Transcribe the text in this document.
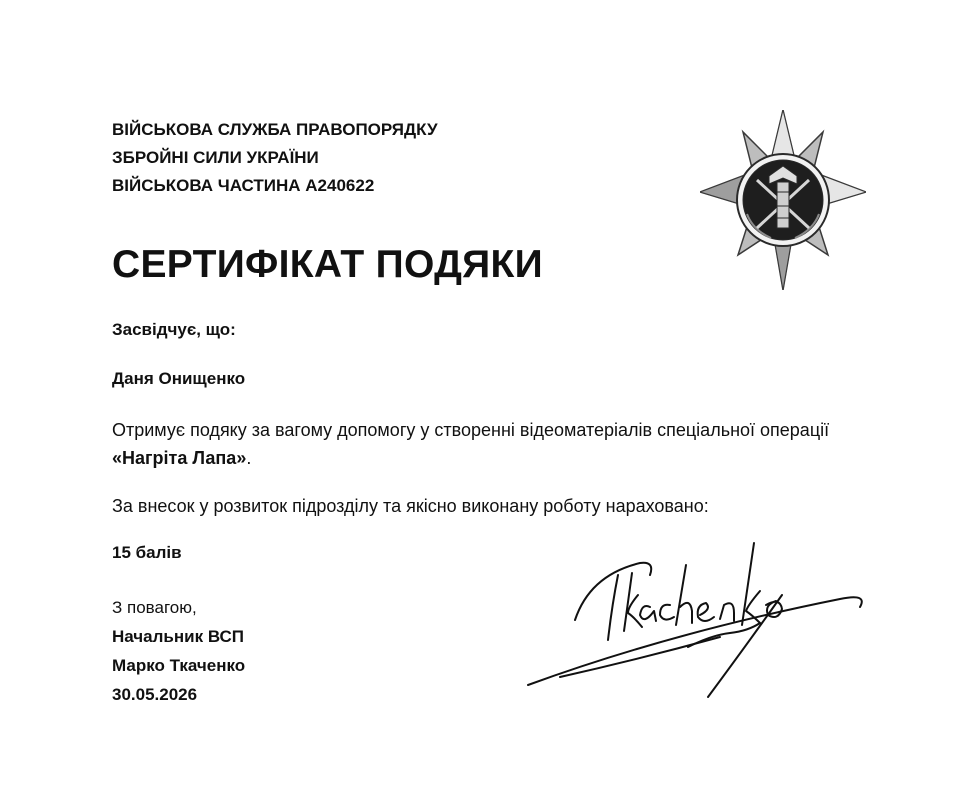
ВІЙСЬКОВА СЛУЖБА ПРАВОПОРЯДКУ

ЗБРОЙНІ СИЛИ УКРАЇНИ

ВІЙСЬКОВА ЧАСТИНА А240622

СЕРТИФІКАТ ПОДЯКИ
Засвідчує, що:
Даня Онищенко
Отримує подяку за вагому допомогу у створенні відеоматеріалів спеціальної операції «Нагріта Лапа».
За внесок у розвиток підрозділу та якісно виконану роботу нараховано:
15 балів
З повагою,
Начальник ВСП
Марко Ткаченко
30.05.2026
